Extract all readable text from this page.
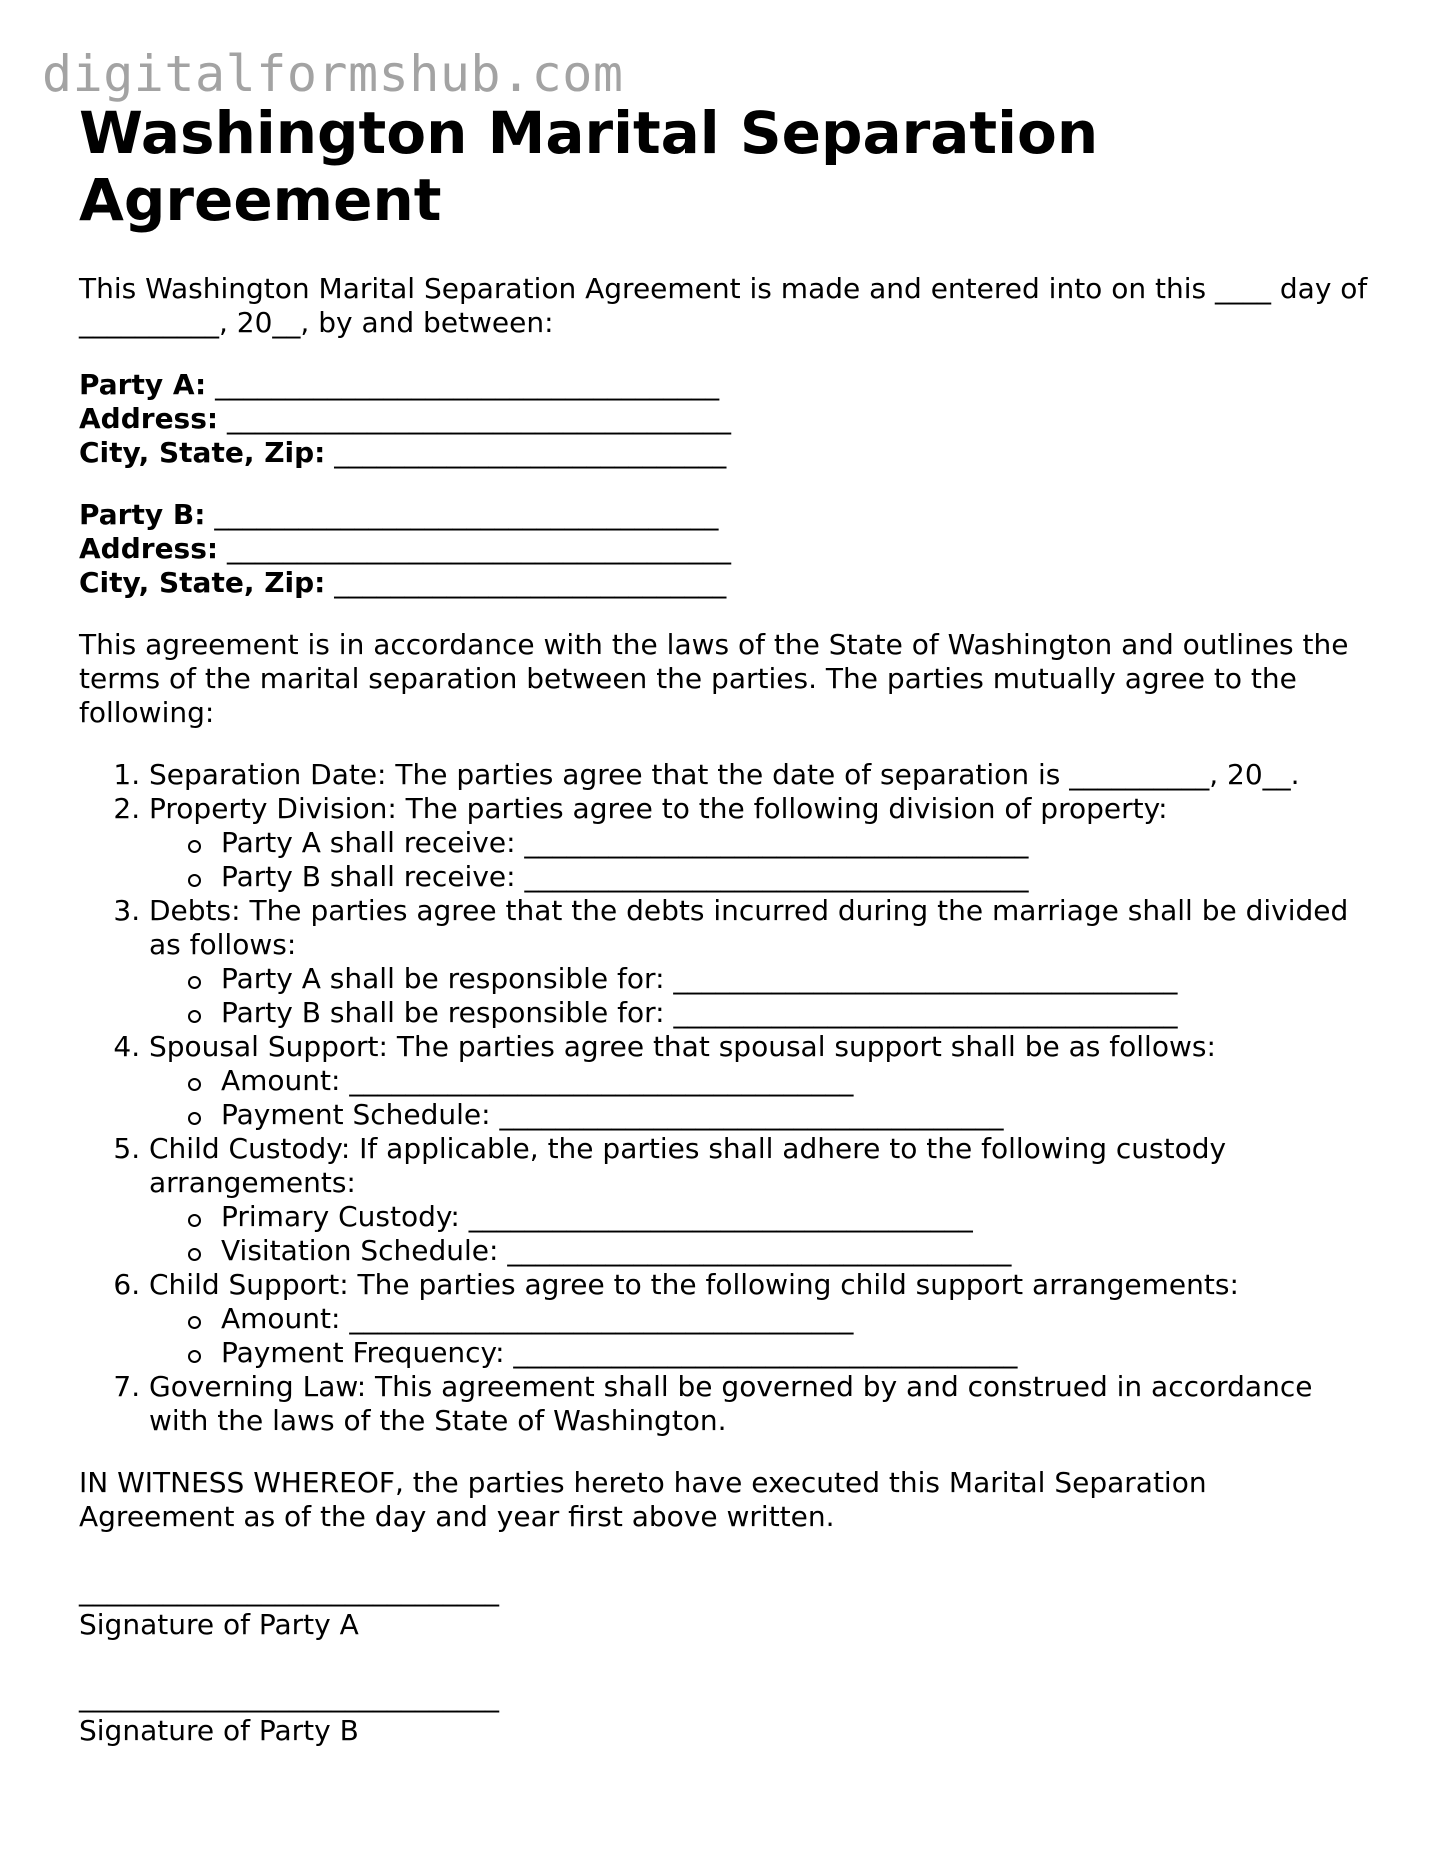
digitalformshub.com
Washington Marital Separation Agreement

This Washington Marital Separation Agreement is made and entered into on this ____ day of __________, 20__, by and between:

Party A: ____________________________________
Address: ____________________________________
City, State, Zip: ____________________________
Party B: ____________________________________
Address: ____________________________________
City, State, Zip: ____________________________

This agreement is in accordance with the laws of the State of Washington and outlines the terms of the marital separation between the parties. The parties mutually agree to the following:

1. Separation Date: The parties agree that the date of separation is __________, 20__.
2. Property Division: The parties agree to the following division of property:
Party A shall receive: ____________________________________
Party B shall receive: ____________________________________
3. Debts: The parties agree that the debts incurred during the marriage shall be divided as follows:
Party A shall be responsible for: ____________________________________
Party B shall be responsible for: ____________________________________
4. Spousal Support: The parties agree that spousal support shall be as follows:
Amount: ____________________________________
Payment Schedule: ____________________________________
5. Child Custody: If applicable, the parties shall adhere to the following custody arrangements:
Primary Custody: ____________________________________
Visitation Schedule: ____________________________________
6. Child Support: The parties agree to the following child support arrangements:
Amount: ____________________________________
Payment Frequency: ____________________________________
7. Governing Law: This agreement shall be governed by and construed in accordance with the laws of the State of Washington.

IN WITNESS WHEREOF, the parties hereto have executed this Marital Separation Agreement as of the day and year first above written.

______________________________
Signature of Party A
______________________________
Signature of Party B
